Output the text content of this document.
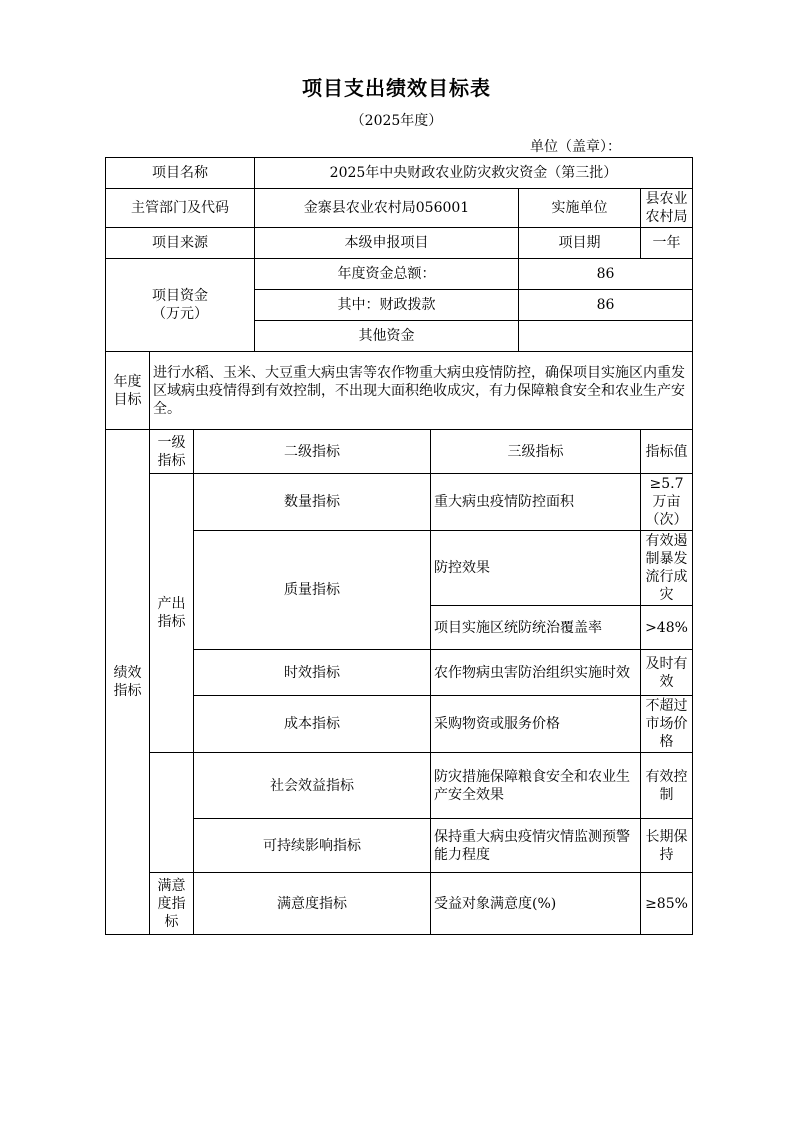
项目支出绩效目标表
（2025年度）
单位（盖章）：
项目名称			2025年中央财政农业防灾救灾资金（第三批）			
主管部门及代码			金寨县农业农村局056001		实施单位	县农业农村局
项目来源			本级申报项目		项目期	一年
项目资金
（万元）			年度资金总额：		86	
			其中：财政拨款		86	
			其他资金			
年度目标	进行水稻、玉米、大豆重大病虫害等农作物重大病虫疫情防控，确保项目实施区内重发区域病虫疫情得到有效控制，不出现大面积绝收成灾，有力保障粮食安全和农业生产安全。					
绩效指标	一级指标	二级指标		三级指标		指标值
	产出指标	数量指标		重大病虫疫情防控面积		≥5.7万亩（次）
		质量指标		防控效果		有效遏制暴发流行成灾
				项目实施区统防统治覆盖率		>48%
		时效指标		农作物病虫害防治组织实施时效		及时有效
		成本指标		采购物资或服务价格		不超过市场价格
		社会效益指标		防灾措施保障粮食安全和农业生产安全效果		有效控制
		可持续影响指标		保持重大病虫疫情灾情监测预警能力程度		长期保持
	满意度指标	满意度指标		受益对象满意度(%)		≥85%
